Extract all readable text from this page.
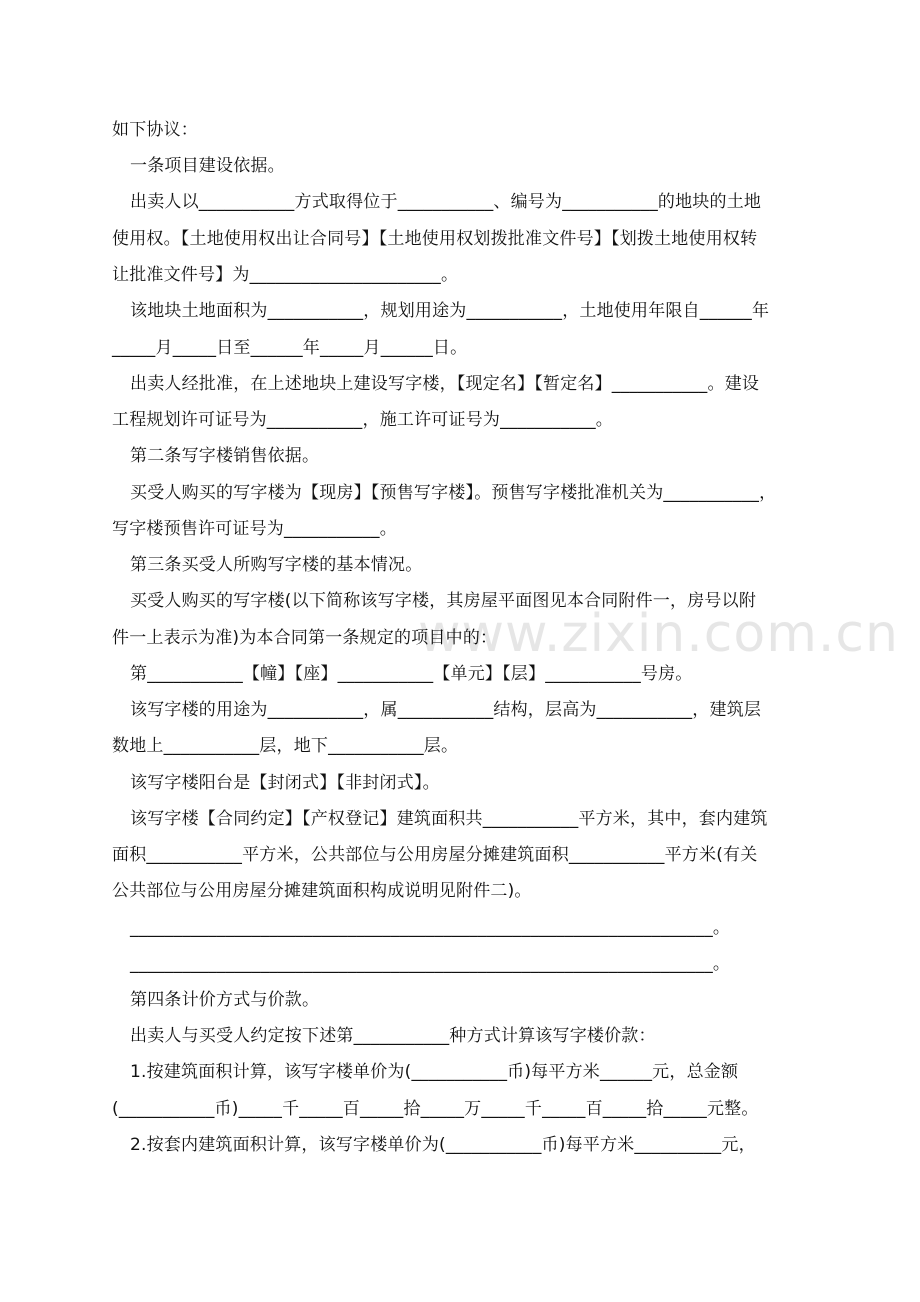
www.zixin.com.cn
如下协议：
一条项目建设依据。
出卖人以___________方式取得位于___________、编号为___________的地块的土地
使用权。【土地使用权出让合同号】【土地使用权划拨批准文件号】【划拨土地使用权转
让批准文件号】为______________________。
该地块土地面积为___________，规划用途为___________，土地使用年限自______年
_____月_____日至______年_____月______日。
出卖人经批准，在上述地块上建设写字楼，【现定名】【暂定名】___________。建设
工程规划许可证号为___________，施工许可证号为___________。
第二条写字楼销售依据。
买受人购买的写字楼为【现房】【预售写字楼】。预售写字楼批准机关为___________，
写字楼预售许可证号为___________。
第三条买受人所购写字楼的基本情况。
买受人购买的写字楼(以下简称该写字楼，其房屋平面图见本合同附件一，房号以附
件一上表示为准)为本合同第一条规定的项目中的：
第___________【幢】【座】___________【单元】【层】___________号房。
该写字楼的用途为___________，属___________结构，层高为___________，建筑层
数地上___________层，地下___________层。
该写字楼阳台是【封闭式】【非封闭式】。
该写字楼【合同约定】【产权登记】建筑面积共___________平方米，其中，套内建筑
面积___________平方米，公共部位与公用房屋分摊建筑面积___________平方米(有关
公共部位与公用房屋分摊建筑面积构成说明见附件二)。
___________________________________________________________________。
___________________________________________________________________。
第四条计价方式与价款。
出卖人与买受人约定按下述第___________种方式计算该写字楼价款：
1.按建筑面积计算，该写字楼单价为(___________币)每平方米______元，总金额
(___________币)_____千_____百_____拾_____万_____千_____百_____拾_____元整。
2.按套内建筑面积计算，该写字楼单价为(___________币)每平方米__________元，
